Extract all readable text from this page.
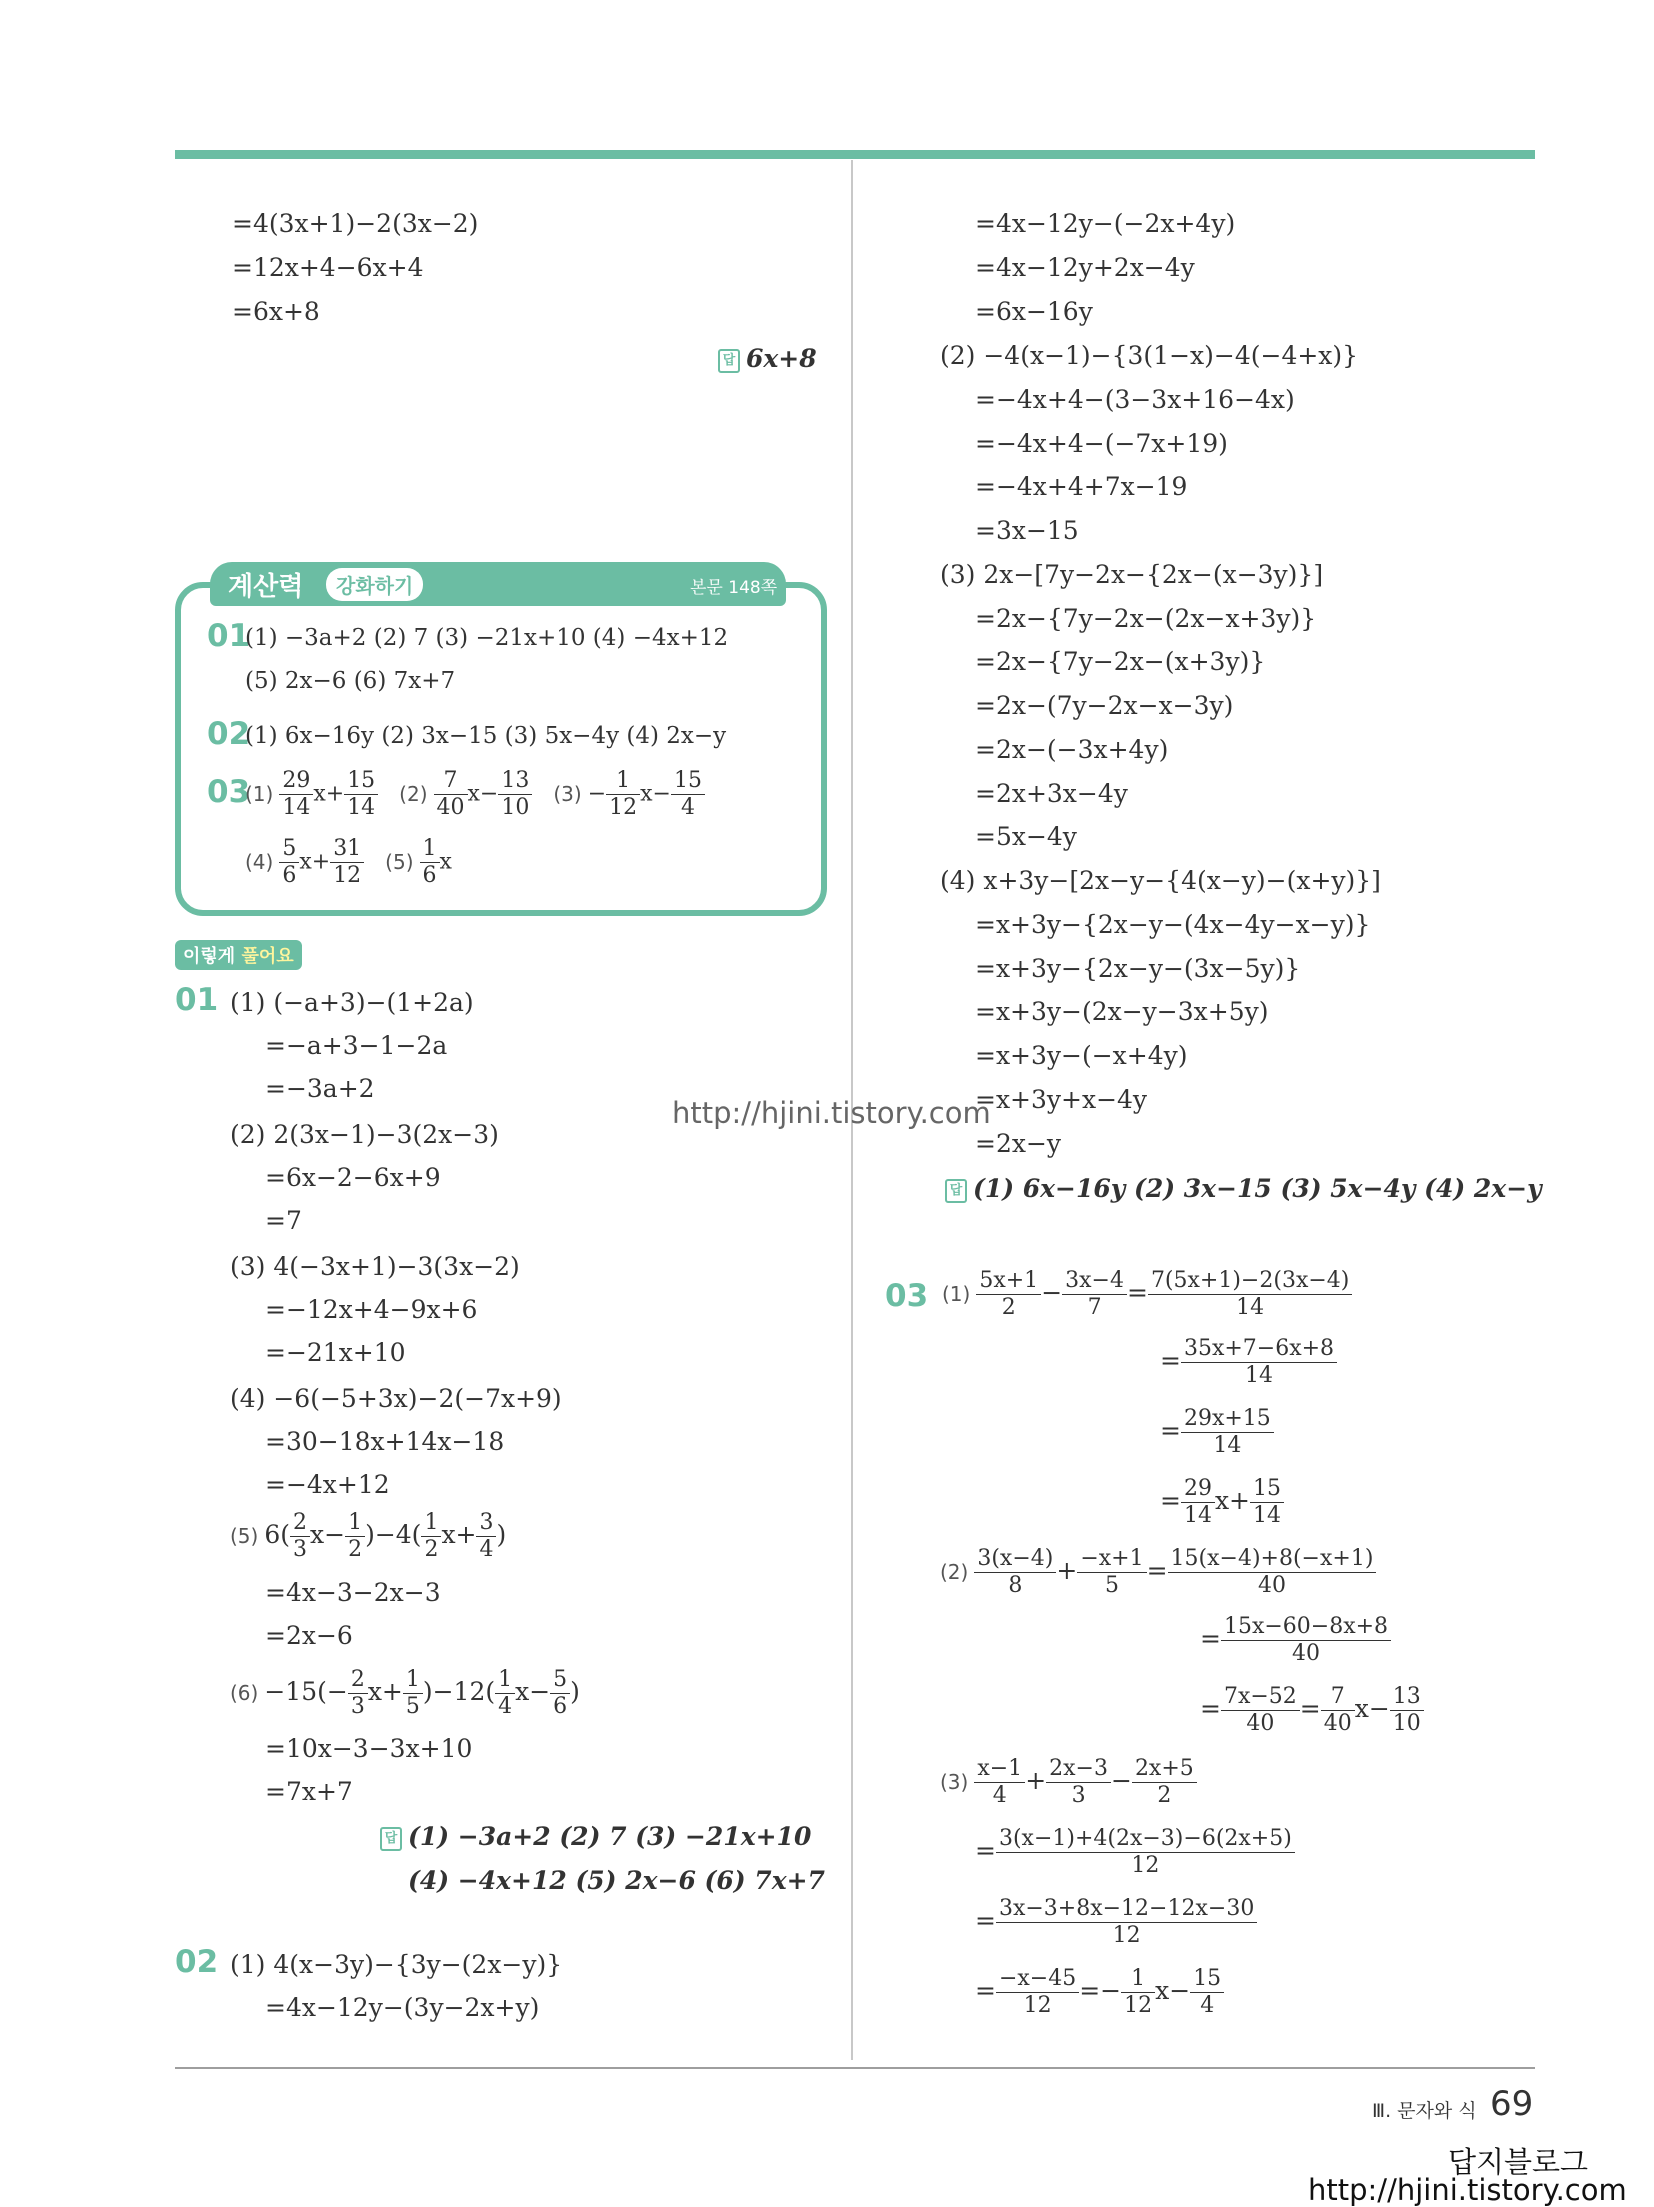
=4(3x+1)−2(3x−2)
=12x+4−6x+4
=6x+8
답 6x+8
계산력	강화하기	본문 148쪽
01
(1) −3a+2 (2) 7 (3) −21x+10 (4) −4x+12
(5) 2x−6 (6) 7x+7
02
(1) 6x−16y (2) 3x−15 (3) 5x−4y (4) 2x−y
03
$(1) \frac{29}{14} x+ \frac{15}{14} (2) \frac{7}{40} x- \frac{13}{10} (3) - \frac{1}{12} x- \frac{15}{4}$
$(4) \frac{5}{6} x+ \frac{31}{12} (5) \frac{1}{6}$ x
이렇게 풀어요
01 (1) (−a+3)−(1+2a)
=−a+3−1−2a
=−3a+2
(2) 2(3x−1)−3(2x−3)
=6x−2−6x+9
=7
(3) 4(−3x+1)−3(3x−2)
=−12x+4−9x+6
=−21x+10
(4) −6(−5+3x)−2(−7x+9)
=30−18x+14x−18
=−4x+12
(5) $6( \frac{2}{3} x- \frac{1}{2} )-4( \frac{1}{2} x+ \frac{3}{4}$ )
=4x−3−2x−3
=2x−6
$(6) -15(- \frac{2}{3} x+ \frac{1}{5} )-12( \frac{1}{4} x- \frac{5}{6}$ )
=10x−3−3x+10
=7x+7
답 (1) −3a+2 (2) 7 (3) −21x+10
(4) −4x+12 (5) 2x−6 (6) 7x+7
02 (1) 4(x−3y)−{3y−(2x−y)}
=4x−12y−(3y−2x+y)
=4x−12y−(−2x+4y)
=4x−12y+2x−4y
=6x−16y
(2) −4(x−1)−{3(1−x)−4(−4+x)}
=−4x+4−(3−3x+16−4x)
=−4x+4−(−7x+19)
=−4x+4+7x−19
=3x−15
(3) 2x−[7y−2x−{2x−(x−3y)}]
=2x−{7y−2x−(2x−x+3y)}
=2x−{7y−2x−(x+3y)}
=2x−(7y−2x−x−3y)
=2x−(−3x+4y)
=2x+3x−4y
=5x−4y
(4) x+3y−[2x−y−{4(x−y)−(x+y)}]
=x+3y−{2x−y−(4x−4y−x−y)}
=x+3y−{2x−y−(3x−5y)}
=x+3y−(2x−y−3x+5y)
=x+3y−(−x+4y)
=x+3y+x−4y
=2x−y
답 (1) 6x−16y (2) 3x−15 (3) 5x−4y (4) 2x−y
03 $(1) \frac{5x+1}{2} - \frac{3x-4}{7} = \frac{7(5x+1)-2(3x-4)}{14}$
= $\frac{35x+7-6x+8}{14}$
= $\frac{29x+15}{14}$
= $\frac{29}{14} x+ \frac{15}{14}$
$(2) \frac{3(x-4)}{8} + \frac{-x+1}{5} = \frac{15(x-4)+8(-x+1)}{40}$
= $\frac{15x-60-8x+8}{40}$
= $\frac{7x-52}{40} = \frac{7}{40} x- \frac{13}{10}$
$(3) \frac{x-1}{4} + \frac{2x-3}{3} - \frac{2x+5}{2}$
= $\frac{3(x-1)+4(2x-3)-6(2x+5)}{12}$
= $\frac{3x-3+8x-12-12x-30}{12}$
= $\frac{-x-45}{12} =- \frac{1}{12} x- \frac{15}{4}$
http://hjini.tistory.com
Ⅲ. 문자와 식 69
답지블로그
http://hjini.tistory.com
